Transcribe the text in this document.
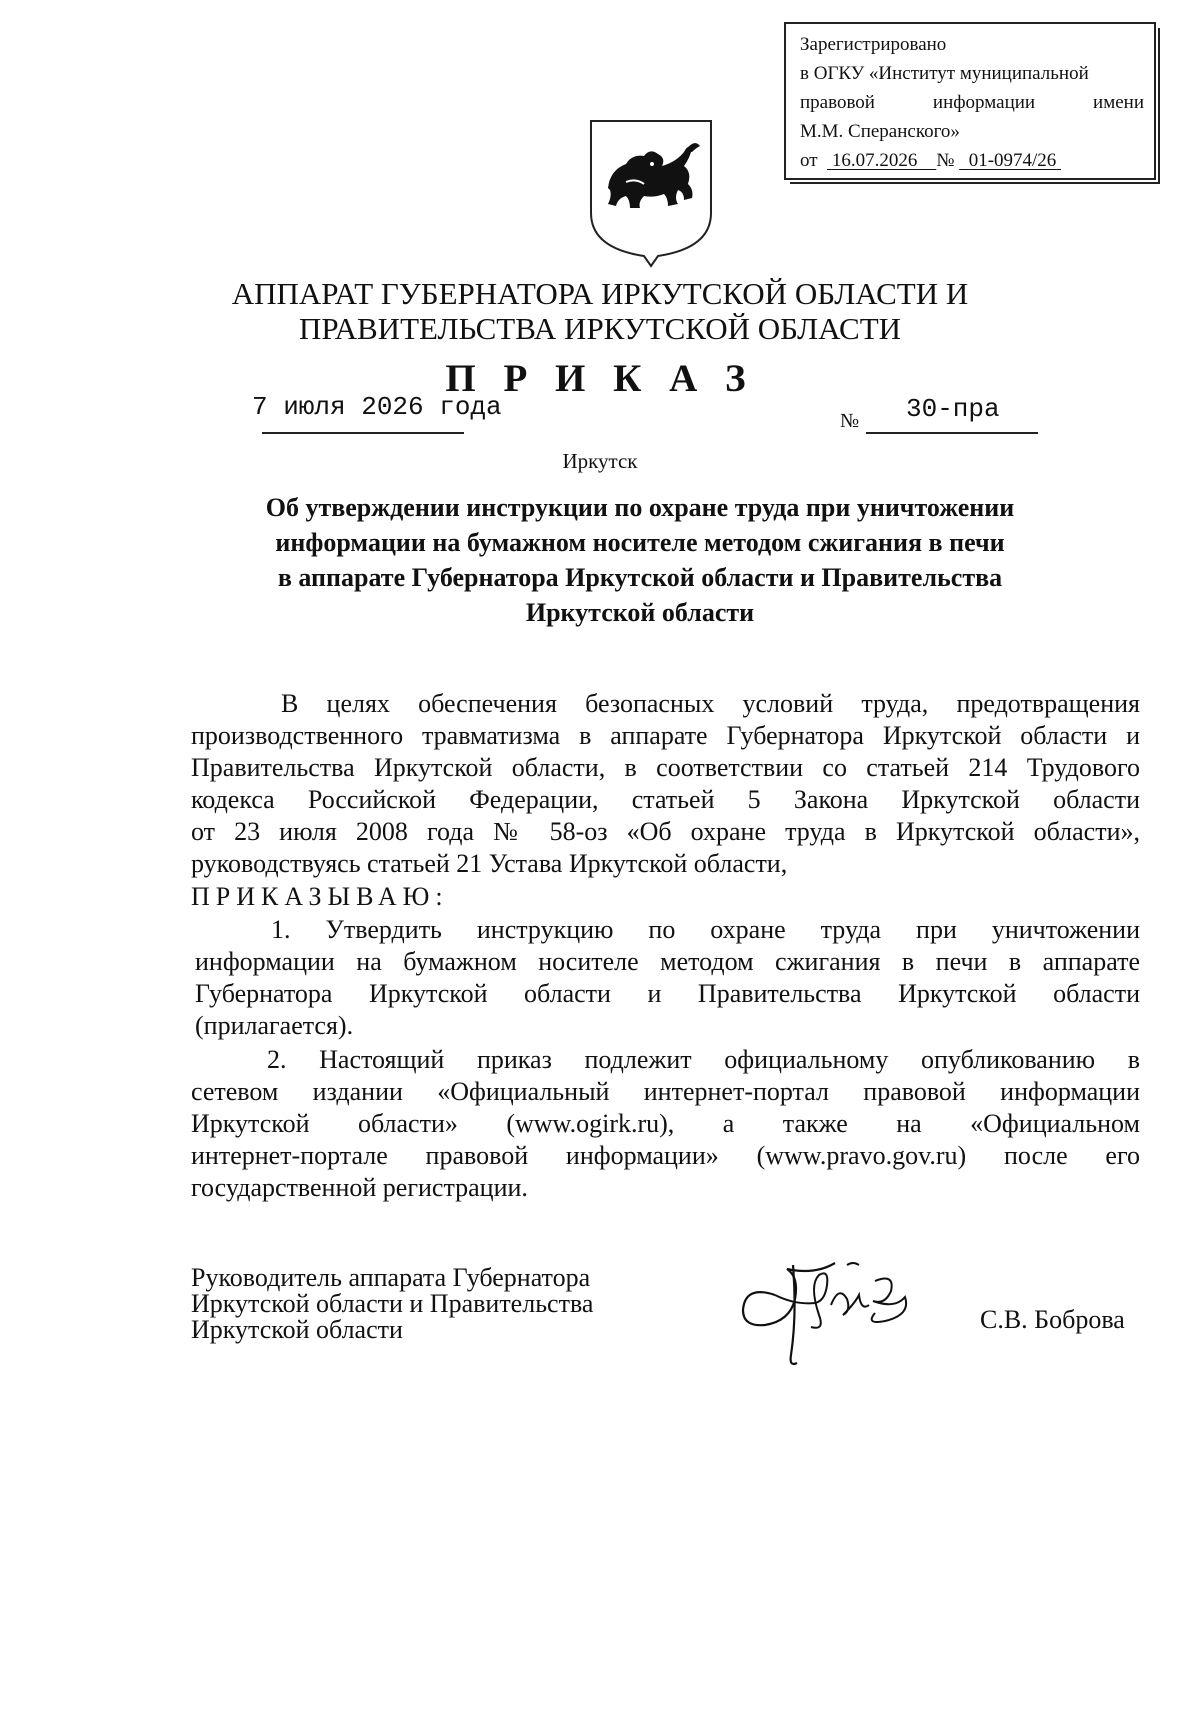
Зарегистрировано
в ОГКУ «Институт муниципальной
правовой информации имени
М.М. Сперанского»
от 16.07.2026 № 01-0974/26
АППАРАТ ГУБЕРНАТОРА ИРКУТСКОЙ ОБЛАСТИ И
ПРАВИТЕЛЬСТВА ИРКУТСКОЙ ОБЛАСТИ
П Р И К А З
7 июля 2026 года	№ 30-пра
Иркутск
Об утверждении инструкции по охране труда при уничтожении
информации на бумажном носителе методом сжигания в печи
в аппарате Губернатора Иркутской области и Правительства
Иркутской области
В целях обеспечения безопасных условий труда, предотвращения
производственного травматизма в аппарате Губернатора Иркутской области и
Правительства Иркутской области, в соответствии со статьей 214 Трудового
кодекса Российской Федерации, статьей 5 Закона Иркутской области
от 23 июля 2008 года № 58-оз «Об охране труда в Иркутской области»,
руководствуясь статьей 21 Устава Иркутской области,
ПРИКАЗЫВАЮ:
1. Утвердить инструкцию по охране труда при уничтожении
информации на бумажном носителе методом сжигания в печи в аппарате
Губернатора Иркутской области и Правительства Иркутской области
(прилагается).
2. Настоящий приказ подлежит официальному опубликованию в
сетевом издании «Официальный интернет-портал правовой информации
Иркутской области» (www.ogirk.ru), а также на «Официальном
интернет-портале правовой информации» (www.pravo.gov.ru) после его
государственной регистрации.
Руководитель аппарата Губернатора
Иркутской области и Правительства
Иркутской области	С.В. Боброва
